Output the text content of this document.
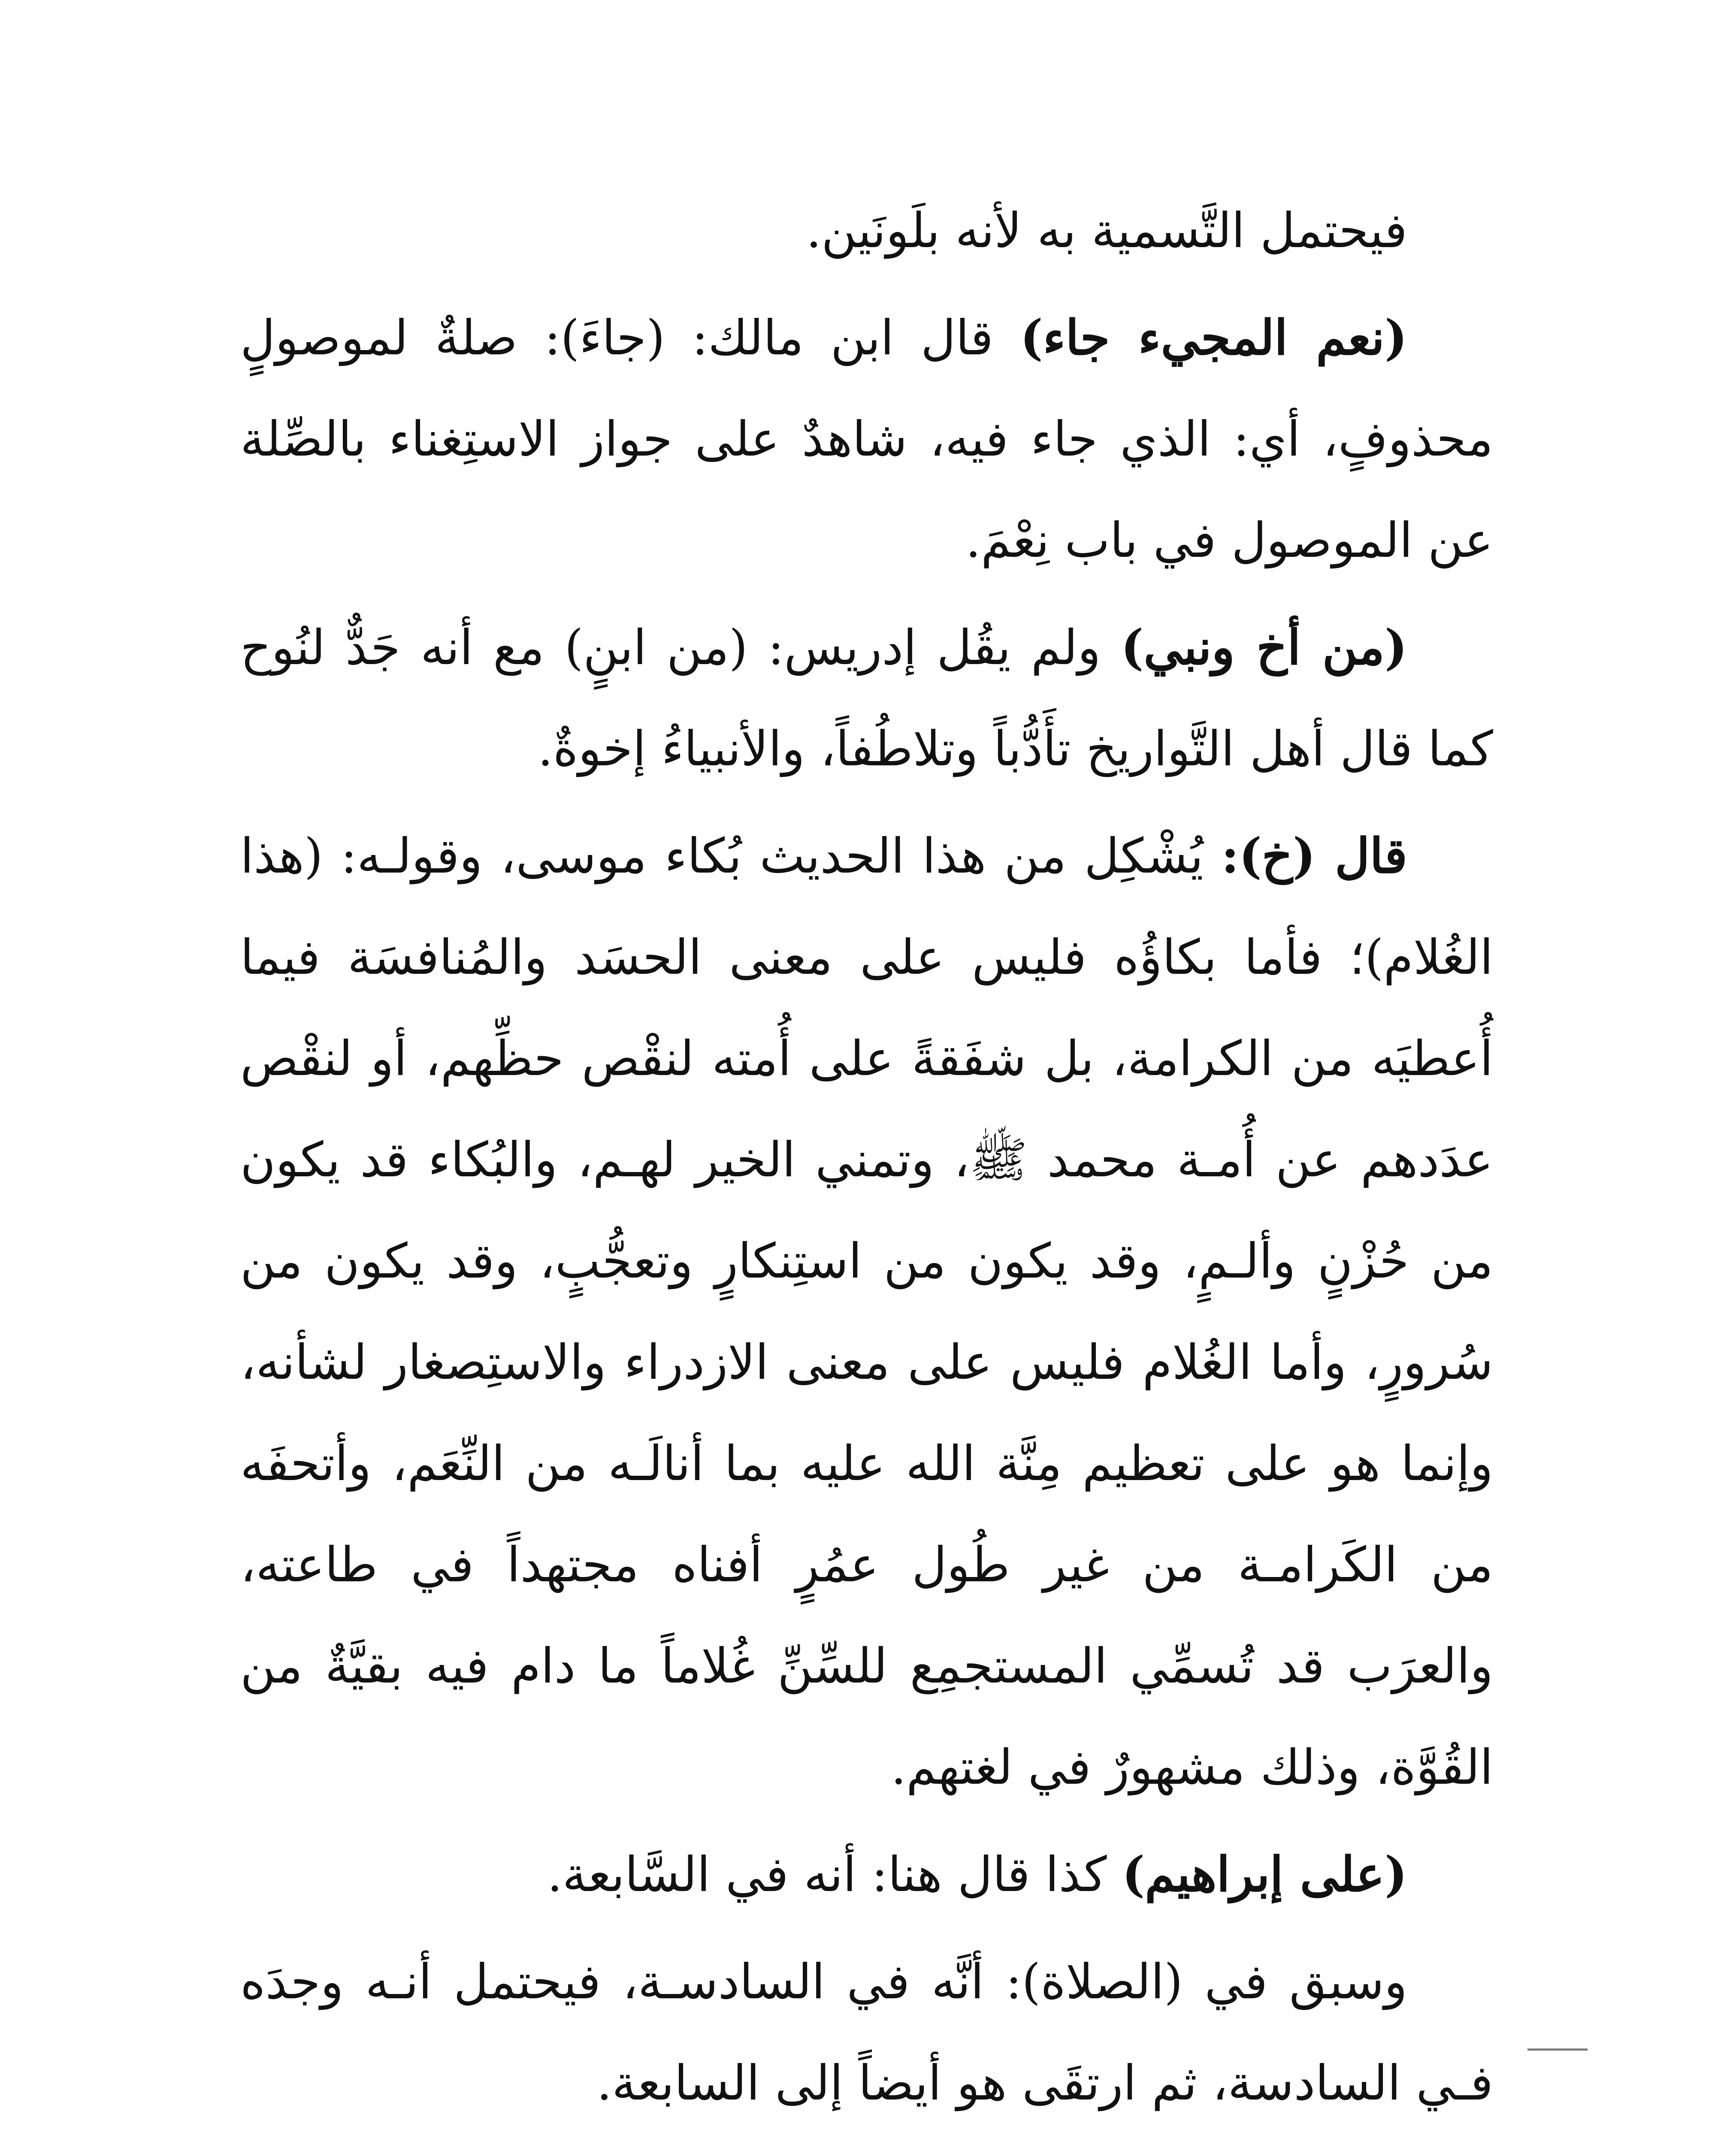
فيحتمل التَّسمية به لأنه بلَونَين.

(نعم المجيء جاء) قال ابن مالك: (جاءَ): صلةٌ لموصولٍ محذوفٍ، أي: الذي جاء فيه، شاهدٌ على جواز الاستِغناء بالصِّلة عن الموصول في باب نِعْمَ.

(من أخ ونبي) ولم يقُل إدريس: (من ابنٍ) مع أنه جَدٌّ لنُوح كما قال أهل التَّواريخ تأَدُّباً وتلاطُفاً، والأنبياءُ إخوةٌ.

قال (خ): يُشْكِل من هذا الحديث بُكاء موسى، وقولـه: (هذا الغُلام)؛ فأما بكاؤُه فليس على معنى الحسَد والمُنافسَة فيما أُعطيَه من الكرامة، بل شفَقةً على أُمته لنقْص حظِّهم، أو لنقْص عدَدهم عن أُمـة محمد ﷺ، وتمني الخير لهـم، والبُكاء قد يكون من حُزْنٍ وألـمٍ، وقد يكون من استِنكارٍ وتعجُّبٍ، وقد يكون من سُرورٍ، وأما الغُلام فليس على معنى الازدراء والاستِصغار لشأنه، وإنما هو على تعظيم مِنَّة الله عليه بما أنالَـه من النِّعَم، وأتحفَه من الكَرامـة من غير طُول عمُرٍ أفناه مجتهداً في طاعته، والعرَب قد تُسمِّي المستجمِع للسِّنِّ غُلاماً ما دام فيه بقيَّةٌ من القُوَّة، وذلك مشهورٌ في لغتهم.

(على إبراهيم) كذا قال هنا: أنه في السَّابعة.

وسبق في (الصلاة): أنَّه في السادسـة، فيحتمل أنـه وجدَه فـي السادسة، ثم ارتقَى هو أيضاً إلى السابعة.
